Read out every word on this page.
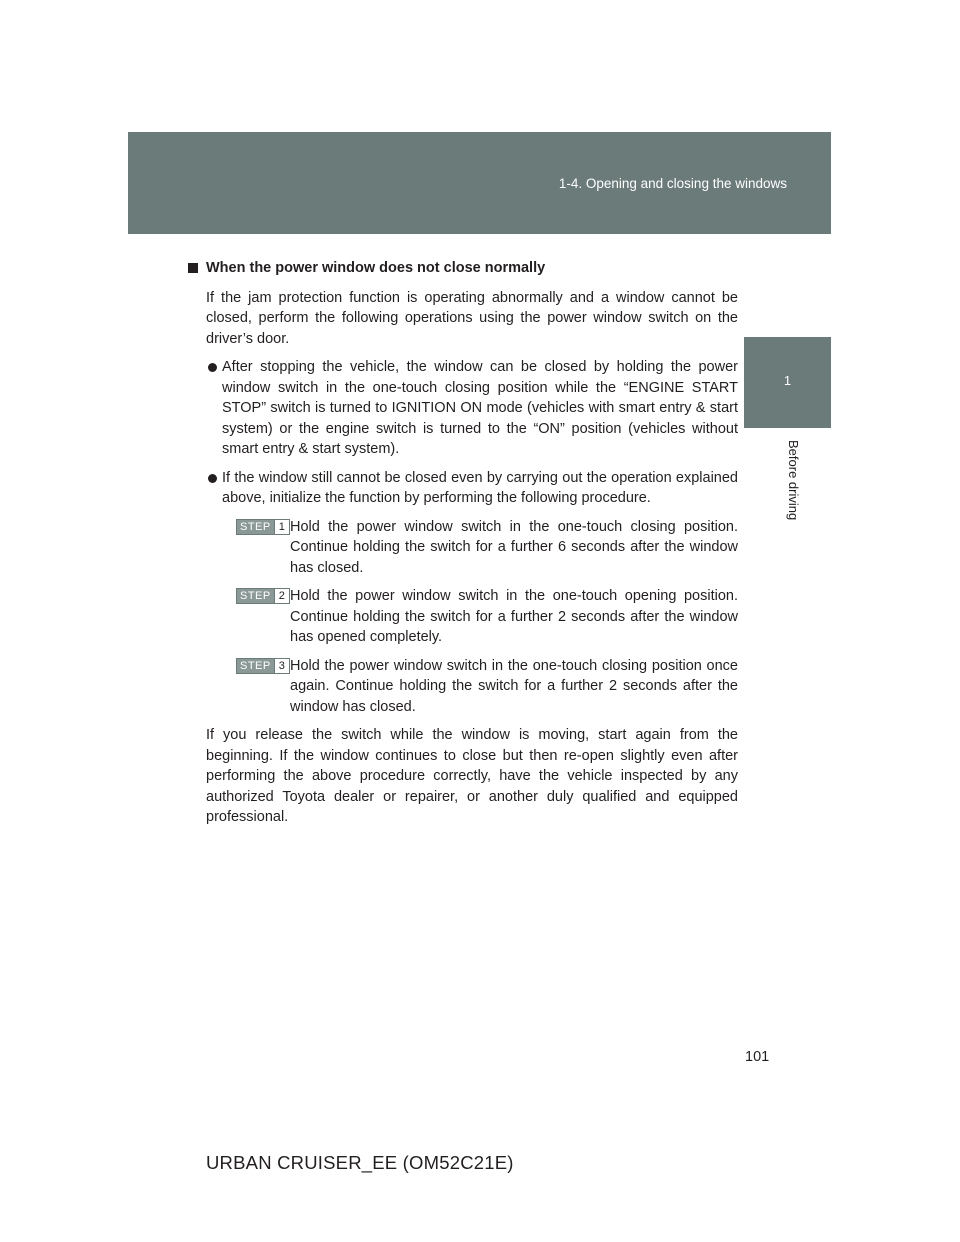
1-4. Opening and closing the windows
1
Before driving
When the power window does not close normally

If the jam protection function is operating abnormally and a window cannot be closed, perform the following operations using the power window switch on the driver’s door.

After stopping the vehicle, the window can be closed by holding the power window switch in the one-touch closing position while the “ENGINE START STOP” switch is turned to IGNITION ON mode (vehicles with smart entry & start system) or the engine switch is turned to the “ON” position (vehicles without smart entry & start system).
If the window still cannot be closed even by carrying out the operation explained above, initialize the function by performing the following procedure.
STEP 1 Hold the power window switch in the one-touch closing position. Continue holding the switch for a further 6 seconds after the window has closed.
STEP 2 Hold the power window switch in the one-touch opening position. Continue holding the switch for a further 2 seconds after the window has opened completely.
STEP 3 Hold the power window switch in the one-touch closing position once again. Continue holding the switch for a further 2 seconds after the window has closed.

If you release the switch while the window is moving, start again from the beginning. If the window continues to close but then re-open slightly even after performing the above procedure correctly, have the vehicle inspected by any authorized Toyota dealer or repairer, or another duly qualified and equipped professional.

101
URBAN CRUISER_EE (OM52C21E)
